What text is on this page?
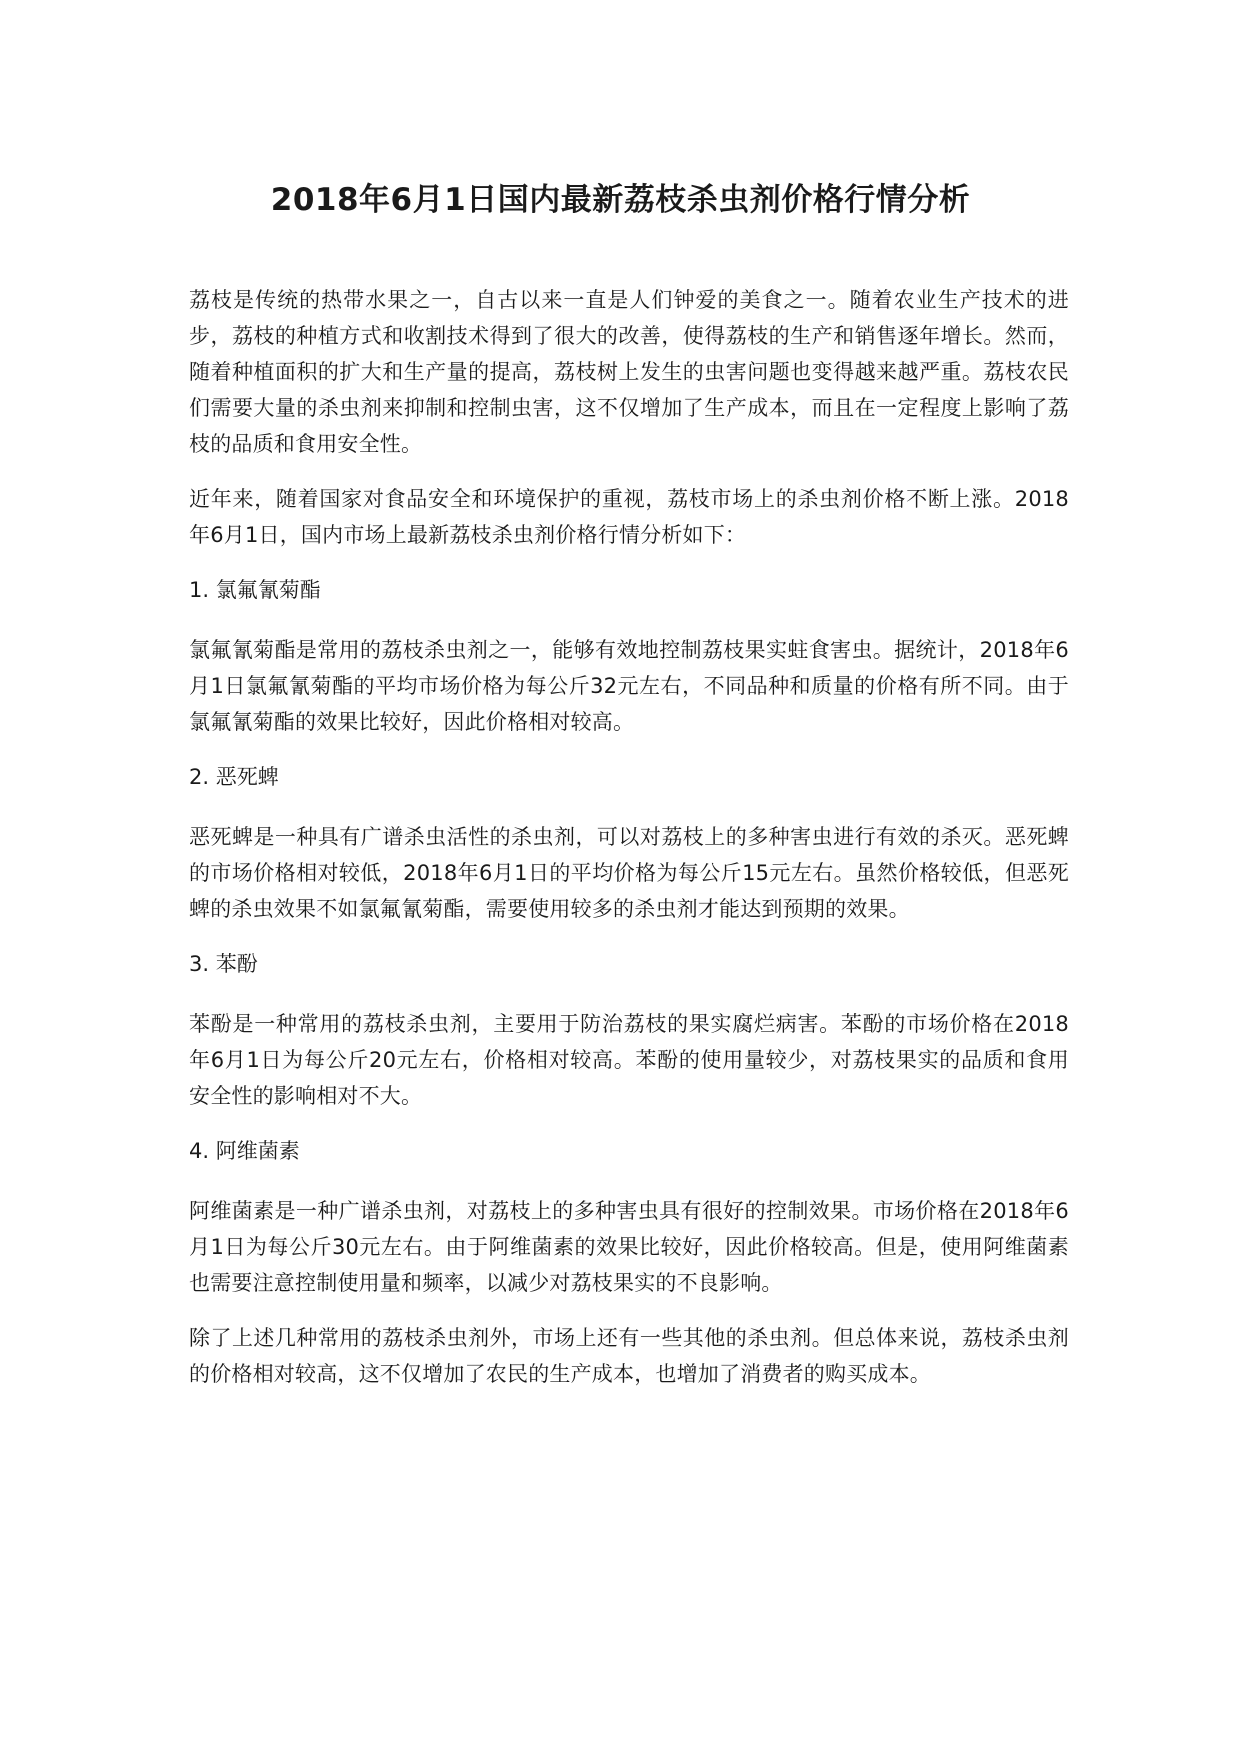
2018年6月1日国内最新荔枝杀虫剂价格行情分析

荔枝是传统的热带水果之一，自古以来一直是人们钟爱的美食之一。随着农业生产技术的进步，荔枝的种植方式和收割技术得到了很大的改善，使得荔枝的生产和销售逐年增长。然而，随着种植面积的扩大和生产量的提高，荔枝树上发生的虫害问题也变得越来越严重。荔枝农民们需要大量的杀虫剂来抑制和控制虫害，这不仅增加了生产成本，而且在一定程度上影响了荔枝的品质和食用安全性。

近年来，随着国家对食品安全和环境保护的重视，荔枝市场上的杀虫剂价格不断上涨。2018年6月1日，国内市场上最新荔枝杀虫剂价格行情分析如下：

1. 氯氟氰菊酯

氯氟氰菊酯是常用的荔枝杀虫剂之一，能够有效地控制荔枝果实蛀食害虫。据统计，2018年6月1日氯氟氰菊酯的平均市场价格为每公斤32元左右，不同品种和质量的价格有所不同。由于氯氟氰菊酯的效果比较好，因此价格相对较高。

2. 恶死蜱

恶死蜱是一种具有广谱杀虫活性的杀虫剂，可以对荔枝上的多种害虫进行有效的杀灭。恶死蜱的市场价格相对较低，2018年6月1日的平均价格为每公斤15元左右。虽然价格较低，但恶死蜱的杀虫效果不如氯氟氰菊酯，需要使用较多的杀虫剂才能达到预期的效果。

3. 苯酚

苯酚是一种常用的荔枝杀虫剂，主要用于防治荔枝的果实腐烂病害。苯酚的市场价格在2018年6月1日为每公斤20元左右，价格相对较高。苯酚的使用量较少，对荔枝果实的品质和食用安全性的影响相对不大。

4. 阿维菌素

阿维菌素是一种广谱杀虫剂，对荔枝上的多种害虫具有很好的控制效果。市场价格在2018年6月1日为每公斤30元左右。由于阿维菌素的效果比较好，因此价格较高。但是，使用阿维菌素也需要注意控制使用量和频率，以减少对荔枝果实的不良影响。

除了上述几种常用的荔枝杀虫剂外，市场上还有一些其他的杀虫剂。但总体来说，荔枝杀虫剂的价格相对较高，这不仅增加了农民的生产成本，也增加了消费者的购买成本。
